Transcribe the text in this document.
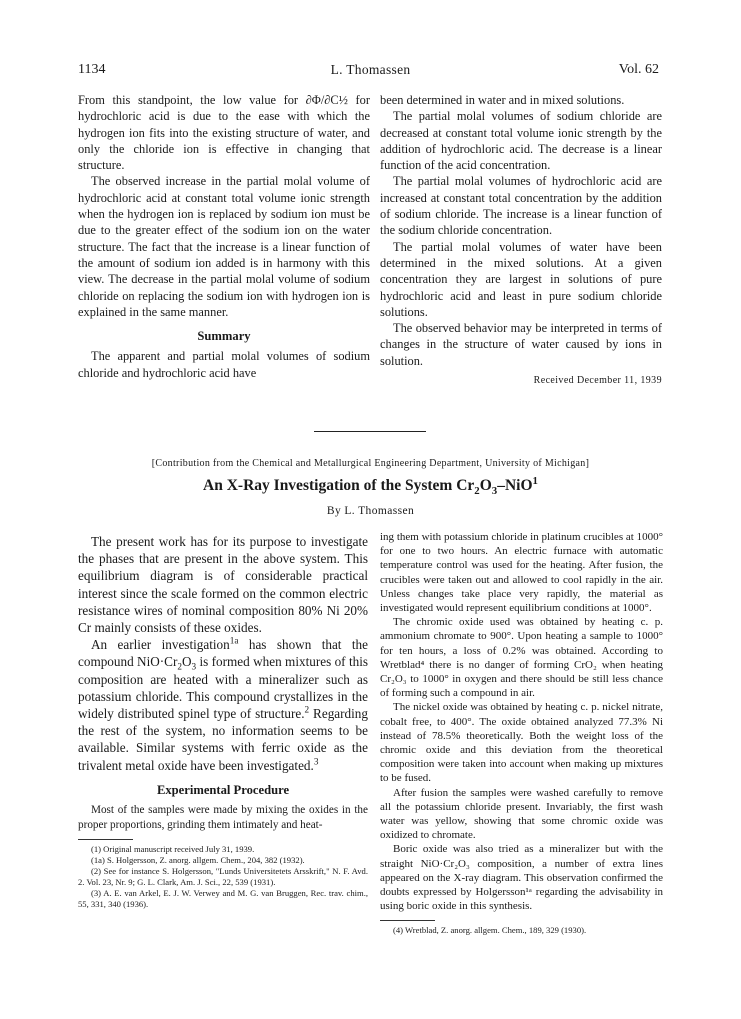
1134	L. Thomassen	Vol. 62

From this standpoint, the low value for ∂Φ/∂C½ for hydrochloric acid is due to the ease with which the hydrogen ion fits into the existing structure of water, and only the chloride ion is effective in changing that structure.

The observed increase in the partial molal volume of hydrochloric acid at constant total volume ionic strength when the hydrogen ion is replaced by sodium ion must be due to the greater effect of the sodium ion on the water structure. The fact that the increase is a linear function of the amount of sodium ion added is in harmony with this view. The decrease in the partial molal volume of sodium chloride on replacing the sodium ion with hydrogen ion is explained in the same manner.

Summary

The apparent and partial molal volumes of sodium chloride and hydrochloric acid have

been determined in water and in mixed solutions.

The partial molal volumes of sodium chloride are decreased at constant total volume ionic strength by the addition of hydrochloric acid. The decrease is a linear function of the acid concentration.

The partial molal volumes of hydrochloric acid are increased at constant total concentration by the addition of sodium chloride. The increase is a linear function of the sodium chloride concentration.

The partial molal volumes of water have been determined in the mixed solutions. At a given concentration they are largest in solutions of pure hydrochloric acid and least in pure sodium chloride solutions.

The observed behavior may be interpreted in terms of changes in the structure of water caused by ions in solution.

Received December 11, 1939
[Contribution from the Chemical and Metallurgical Engineering Department, University of Michigan]
An X-Ray Investigation of the System $Cr_2O_3-NiO^1$
By L. Thomassen

The present work has for its purpose to investigate the phases that are present in the above system. This equilibrium diagram is of considerable practical interest since the scale formed on the common electric resistance wires of nominal composition 80% Ni 20% Cr mainly consists of these oxides.

An earlier investigation$^{1a}$ has shown that the compound $NiO\cdot Cr_2O_3$ is formed when mixtures of this composition are heated with a mineralizer such as potassium chloride. This compound crystallizes in the widely distributed spinel type of structure.$^2$ Regarding the rest of the system, no information seems to be available. Similar systems with ferric oxide as the trivalent metal oxide have been investigated.$^3$

Experimental Procedure

Most of the samples were made by mixing the oxides in the proper proportions, grinding them intimately and heat-

(1) Original manuscript received July 31, 1939.

(1a) S. Holgersson, Z. anorg. allgem. Chem., 204, 382 (1932).

(2) See for instance S. Holgersson, "Lunds Universitetets Arsskrift," N. F. Avd. 2. Vol. 23, Nr. 9; G. L. Clark, Am. J. Sci., 22, 539 (1931).

(3) A. E. van Arkel, E. J. W. Verwey and M. G. van Bruggen, Rec. trav. chim., 55, 331, 340 (1936).

ing them with potassium chloride in platinum crucibles at 1000° for one to two hours. An electric furnace with automatic temperature control was used for the heating. After fusion, the crucibles were taken out and allowed to cool rapidly in the air. Unless changes take place very rapidly, the material as investigated would represent equilibrium conditions at 1000°.

The chromic oxide used was obtained by heating c. p. ammonium chromate to 900°. Upon heating a sample to 1000° for ten hours, a loss of 0.2% was obtained. According to Wretblad⁴ there is no danger of forming CrO₂ when heating Cr₂O₃ to 1000° in oxygen and there should be still less chance of forming such a compound in air.

The nickel oxide was obtained by heating c. p. nickel nitrate, cobalt free, to 400°. The oxide obtained analyzed 77.3% Ni instead of 78.5% theoretically. Both the weight loss of the chromic oxide and this deviation from the theoretical composition were taken into account when making up mixtures to be fused.

After fusion the samples were washed carefully to remove all the potassium chloride present. Invariably, the first wash water was yellow, showing that some chromic oxide was oxidized to chromate.

Boric oxide was also tried as a mineralizer but with the straight NiO·Cr₂O₃ composition, a number of extra lines appeared on the X-ray diagram. This observation confirmed the doubts expressed by Holgersson¹ᵃ regarding the advisability in using boric oxide in this synthesis.

(4) Wretblad, Z. anorg. allgem. Chem., 189, 329 (1930).
